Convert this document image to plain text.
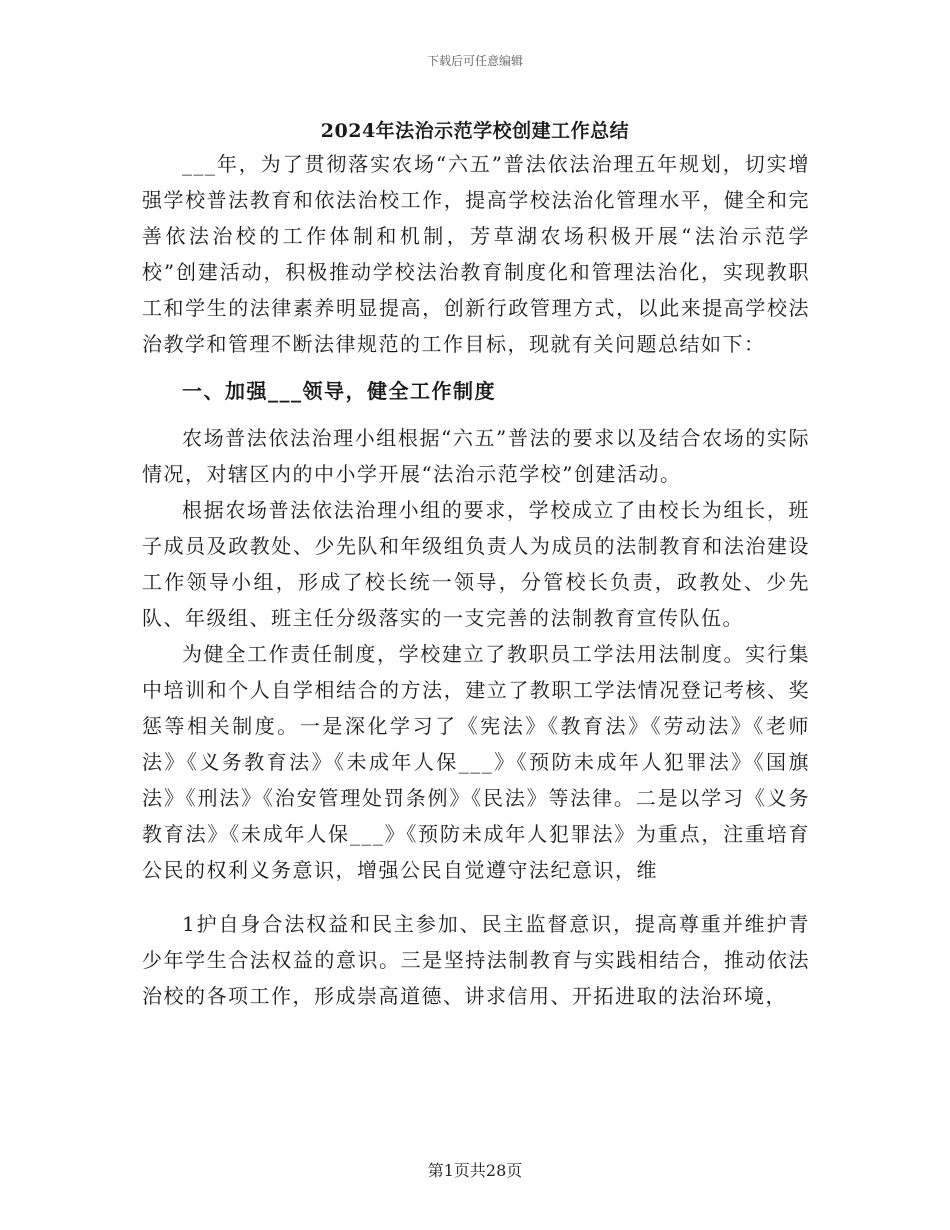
下载后可任意编辑
2024年法治示范学校创建工作总结

___年，为了贯彻落实农场“六五”普法依法治理五年规划，切实增强学校普法教育和依法治校工作，提高学校法治化管理水平，健全和完善依法治校的工作体制和机制，芳草湖农场积极开展“法治示范学校”创建活动，积极推动学校法治教育制度化和管理法治化，实现教职工和学生的法律素养明显提高，创新行政管理方式，以此来提高学校法治教学和管理不断法律规范的工作目标，现就有关问题总结如下：

一、加强___领导，健全工作制度

农场普法依法治理小组根据“六五”普法的要求以及结合农场的实际情况，对辖区内的中小学开展“法治示范学校”创建活动。

根据农场普法依法治理小组的要求，学校成立了由校长为组长，班子成员及政教处、少先队和年级组负责人为成员的法制教育和法治建设工作领导小组，形成了校长统一领导，分管校长负责，政教处、少先队、年级组、班主任分级落实的一支完善的法制教育宣传队伍。

为健全工作责任制度，学校建立了教职员工学法用法制度。实行集中培训和个人自学相结合的方法，建立了教职工学法情况登记考核、奖惩等相关制度。一是深化学习了《宪法》《教育法》《劳动法》《老师法》《义务教育法》《未成年人保___》《预防未成年人犯罪法》《国旗法》《刑法》《治安管理处罚条例》《民法》等法律。二是以学习《义务教育法》《未成年人保___》《预防未成年人犯罪法》为重点，注重培育公民的权利义务意识，增强公民自觉遵守法纪意识，维

1护自身合法权益和民主参加、民主监督意识，提高尊重并维护青少年学生合法权益的意识。三是坚持法制教育与实践相结合，推动依法治校的各项工作，形成崇高道德、讲求信用、开拓进取的法治环境，

第1页共28页
